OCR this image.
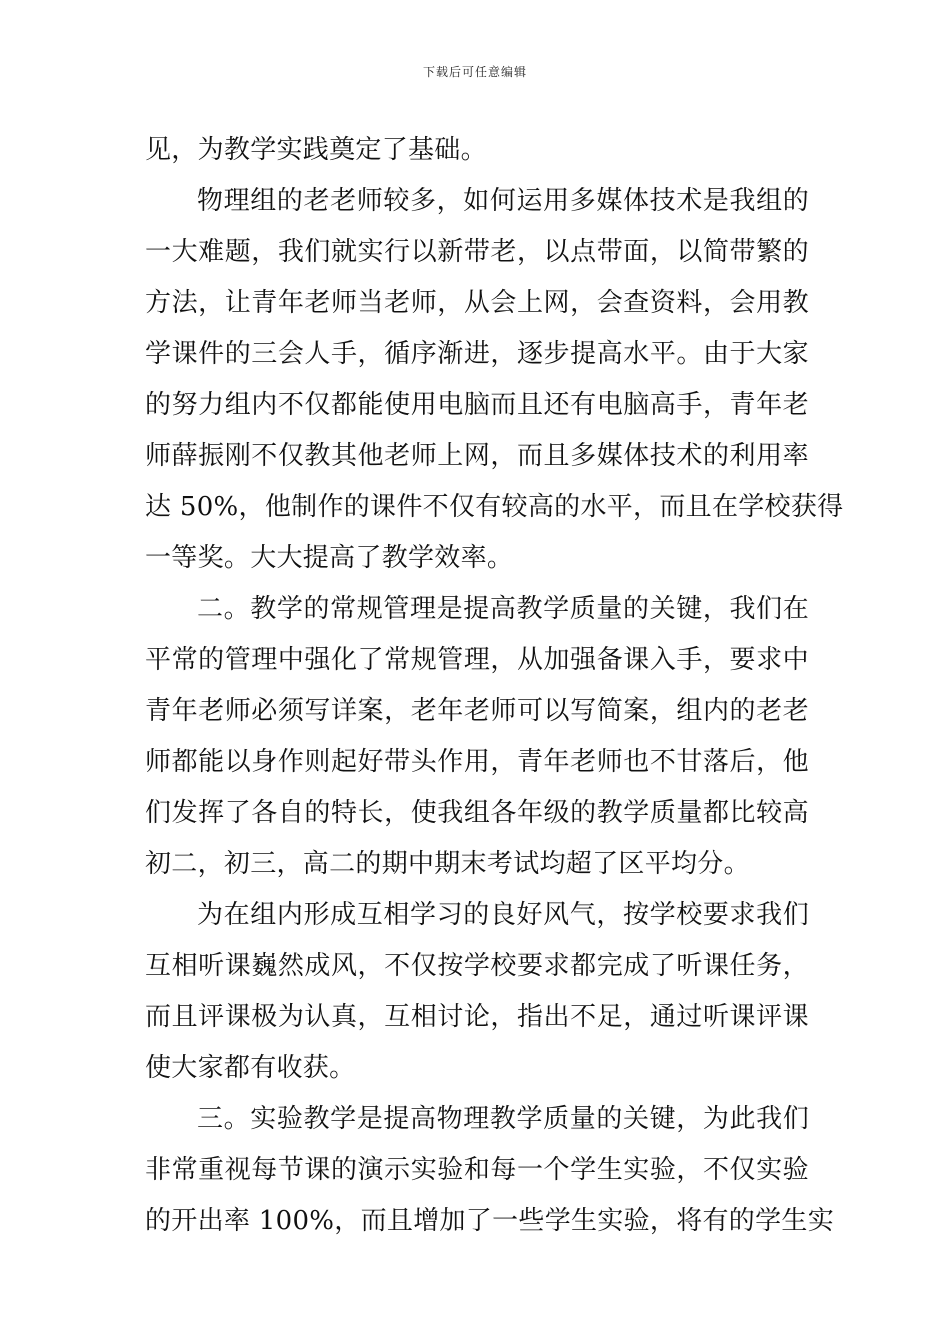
下载后可任意编辑
见，为教学实践奠定了基础。
物理组的老老师较多，如何运用多媒体技术是我组的
一大难题，我们就实行以新带老，以点带面，以简带繁的
方法，让青年老师当老师，从会上网，会查资料，会用教
学课件的三会人手，循序渐进，逐步提高水平。由于大家
的努力组内不仅都能使用电脑而且还有电脑高手，青年老
师薛振刚不仅教其他老师上网，而且多媒体技术的利用率
达 50%，他制作的课件不仅有较高的水平，而且在学校获得
一等奖。大大提高了教学效率。
二。教学的常规管理是提高教学质量的关键，我们在
平常的管理中强化了常规管理，从加强备课入手，要求中
青年老师必须写详案，老年老师可以写简案，组内的老老
师都能以身作则起好带头作用，青年老师也不甘落后，他
们发挥了各自的特长，使我组各年级的教学质量都比较高
初二，初三，高二的期中期末考试均超了区平均分。
为在组内形成互相学习的良好风气，按学校要求我们
互相听课巍然成风，不仅按学校要求都完成了听课任务，
而且评课极为认真，互相讨论，指出不足，通过听课评课
使大家都有收获。
三。实验教学是提高物理教学质量的关键，为此我们
非常重视每节课的演示实验和每一个学生实验，不仅实验
的开出率 100%，而且增加了一些学生实验，将有的学生实
